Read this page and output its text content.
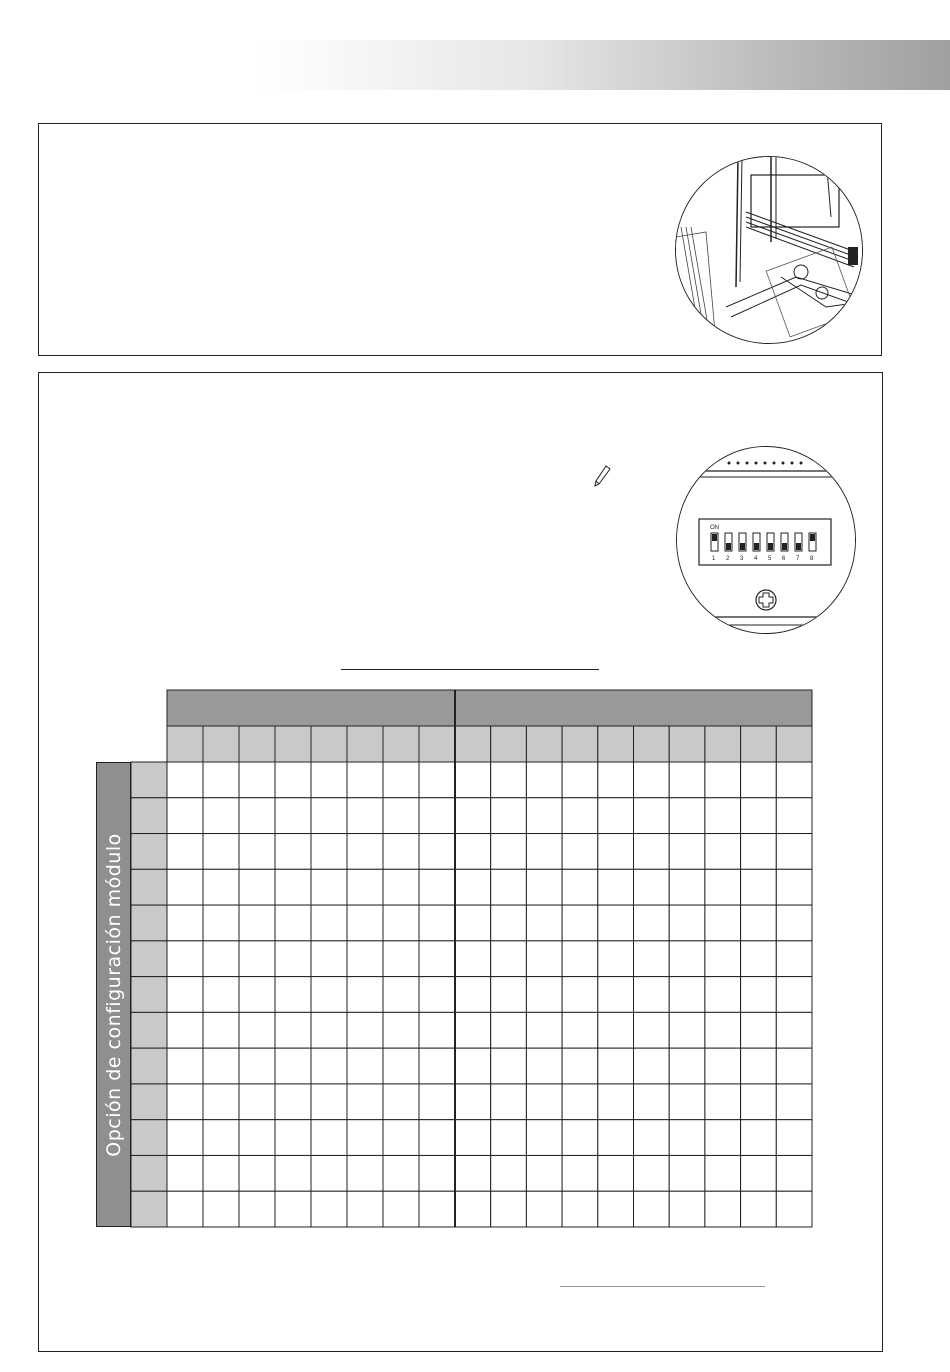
ON
1 2 3 4 5 6 7 8
Opción de configuración módulo
